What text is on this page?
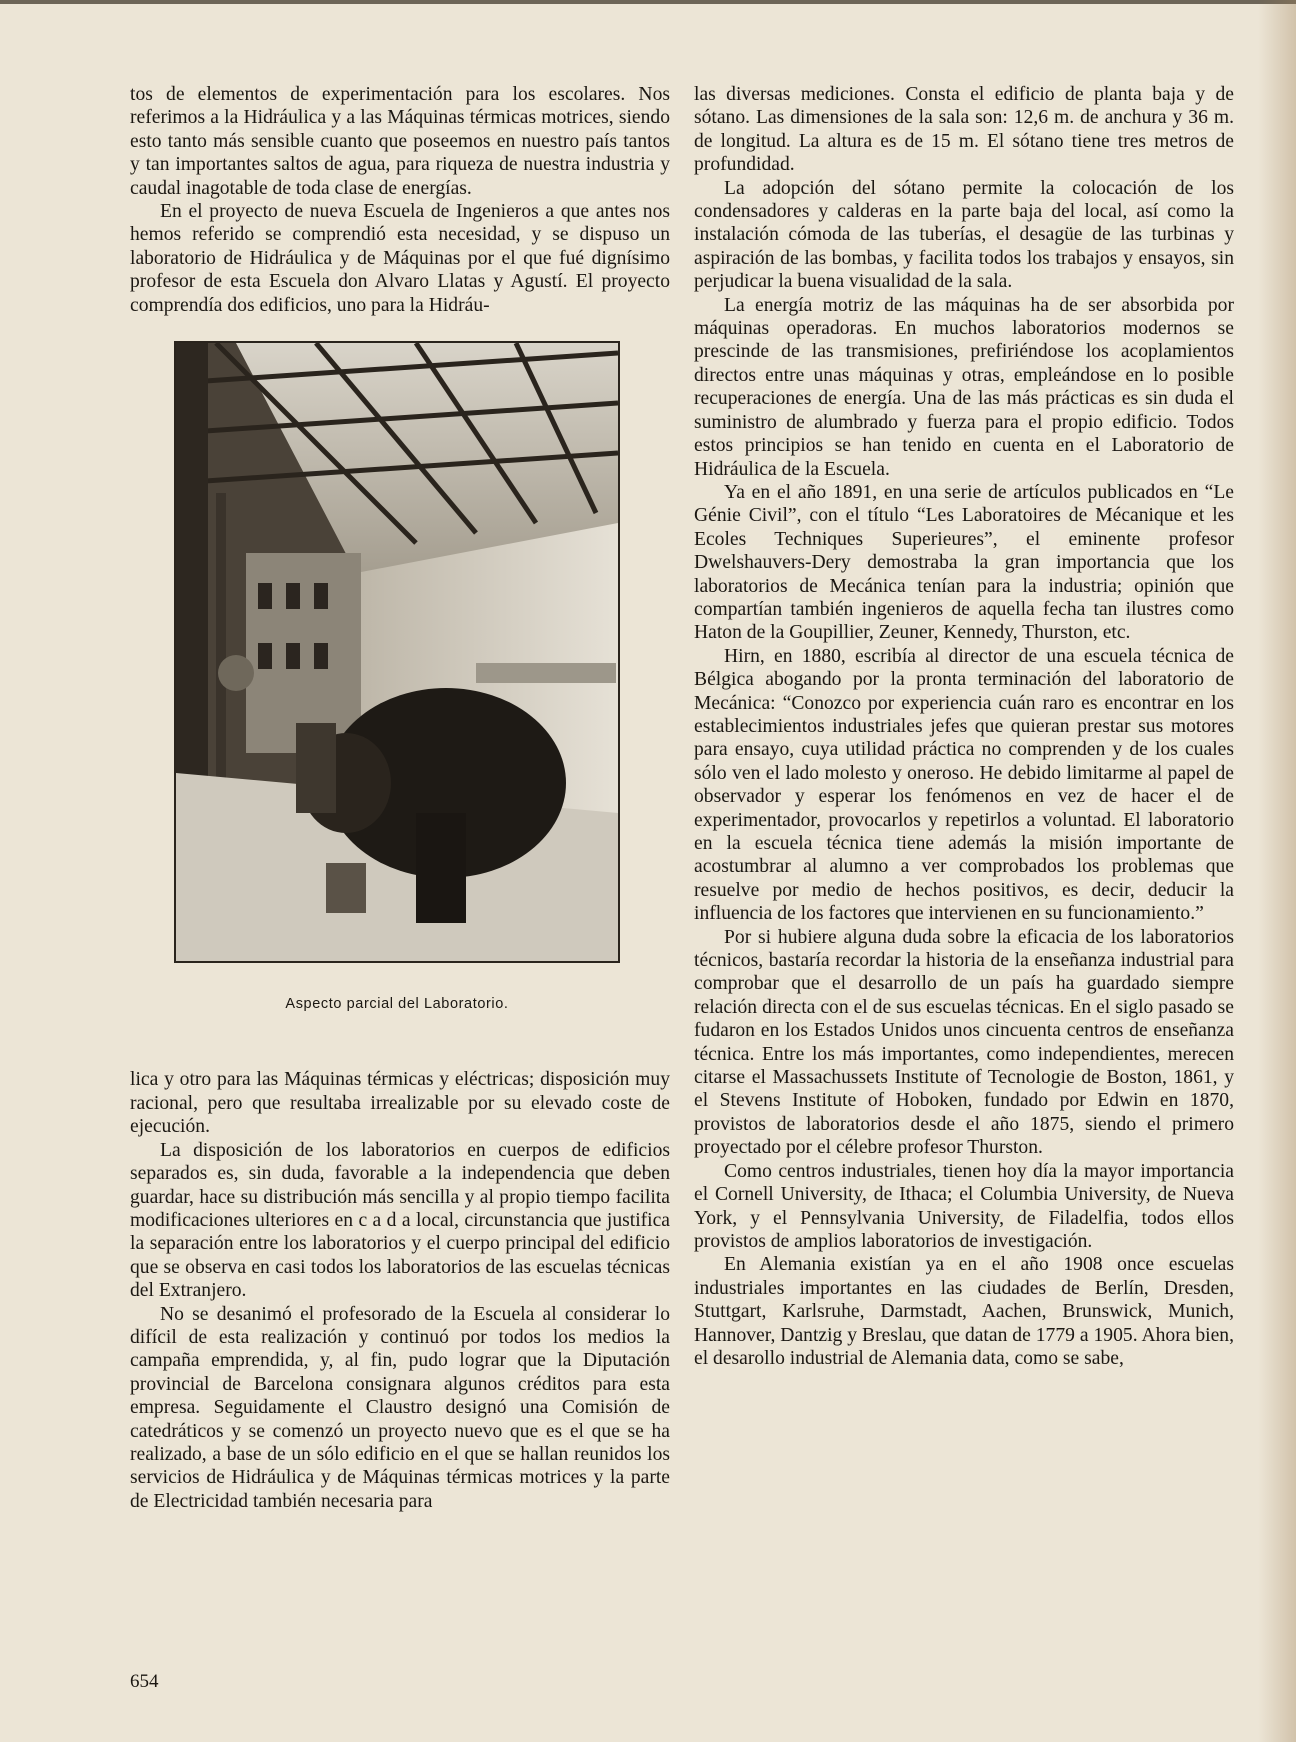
tos de elementos de experimentación para los escolares. Nos referimos a la Hidráulica y a las Máquinas térmicas motrices, siendo esto tanto más sensible cuanto que poseemos en nuestro país tantos y tan importantes saltos de agua, para riqueza de nuestra industria y caudal inagotable de toda clase de energías.

En el proyecto de nueva Escuela de Ingenieros a que antes nos hemos referido se comprendió esta necesidad, y se dispuso un laboratorio de Hidráulica y de Máquinas por el que fué dignísimo profesor de esta Escuela don Alvaro Llatas y Agustí. El proyecto comprendía dos edificios, uno para la Hidráu-

Aspecto parcial del Laboratorio.

lica y otro para las Máquinas térmicas y eléctricas; disposición muy racional, pero que resultaba irrealizable por su elevado coste de ejecución.

La disposición de los laboratorios en cuerpos de edificios separados es, sin duda, favorable a la independencia que deben guardar, hace su distribución más sencilla y al propio tiempo facilita modificaciones ulteriores en c a d a local, circunstancia que justifica la separación entre los laboratorios y el cuerpo principal del edificio que se observa en casi todos los laboratorios de las escuelas técnicas del Extranjero.

No se desanimó el profesorado de la Escuela al considerar lo difícil de esta realización y continuó por todos los medios la campaña emprendida, y, al fin, pudo lograr que la Diputación provincial de Barcelona consignara algunos créditos para esta empresa. Seguidamente el Claustro designó una Comisión de catedráticos y se comenzó un proyecto nuevo que es el que se ha realizado, a base de un sólo edificio en el que se hallan reunidos los servicios de Hidráulica y de Máquinas térmicas motrices y la parte de Electricidad también necesaria para

las diversas mediciones. Consta el edificio de planta baja y de sótano. Las dimensiones de la sala son: 12,6 m. de anchura y 36 m. de longitud. La altura es de 15 m. El sótano tiene tres metros de profundidad.

La adopción del sótano permite la colocación de los condensadores y calderas en la parte baja del local, así como la instalación cómoda de las tuberías, el desagüe de las turbinas y aspiración de las bombas, y facilita todos los trabajos y ensayos, sin perjudicar la buena visualidad de la sala.

La energía motriz de las máquinas ha de ser absorbida por máquinas operadoras. En muchos laboratorios modernos se prescinde de las transmisiones, prefiriéndose los acoplamientos directos entre unas máquinas y otras, empleándose en lo posible recuperaciones de energía. Una de las más prácticas es sin duda el suministro de alumbrado y fuerza para el propio edificio. Todos estos principios se han tenido en cuenta en el Laboratorio de Hidráulica de la Escuela.

Ya en el año 1891, en una serie de artículos publicados en “Le Génie Civil”, con el título “Les Laboratoires de Mécanique et les Ecoles Techniques Superieures”, el eminente profesor Dwelshauvers-Dery demostraba la gran importancia que los laboratorios de Mecánica tenían para la industria; opinión que compartían también ingenieros de aquella fecha tan ilustres como Haton de la Goupillier, Zeuner, Kennedy, Thurston, etc.

Hirn, en 1880, escribía al director de una escuela técnica de Bélgica abogando por la pronta terminación del laboratorio de Mecánica: “Conozco por experiencia cuán raro es encontrar en los establecimientos industriales jefes que quieran prestar sus motores para ensayo, cuya utilidad práctica no comprenden y de los cuales sólo ven el lado molesto y oneroso. He debido limitarme al papel de observador y esperar los fenómenos en vez de hacer el de experimentador, provocarlos y repetirlos a voluntad. El laboratorio en la escuela técnica tiene además la misión importante de acostumbrar al alumno a ver comprobados los problemas que resuelve por medio de hechos positivos, es decir, deducir la influencia de los factores que intervienen en su funcionamiento.”

Por si hubiere alguna duda sobre la eficacia de los laboratorios técnicos, bastaría recordar la historia de la enseñanza industrial para comprobar que el desarrollo de un país ha guardado siempre relación directa con el de sus escuelas técnicas. En el siglo pasado se fudaron en los Estados Unidos unos cincuenta centros de enseñanza técnica. Entre los más importantes, como independientes, merecen citarse el Massachussets Institute of Tecnologie de Boston, 1861, y el Stevens Institute of Hoboken, fundado por Edwin en 1870, provistos de laboratorios desde el año 1875, siendo el primero proyectado por el célebre profesor Thurston.

Como centros industriales, tienen hoy día la mayor importancia el Cornell University, de Ithaca; el Columbia University, de Nueva York, y el Pennsylvania University, de Filadelfia, todos ellos provistos de amplios laboratorios de investigación.

En Alemania existían ya en el año 1908 once escuelas industriales importantes en las ciudades de Berlín, Dresden, Stuttgart, Karlsruhe, Darmstadt, Aachen, Brunswick, Munich, Hannover, Dantzig y Breslau, que datan de 1779 a 1905. Ahora bien, el desarollo industrial de Alemania data, como se sabe,

654
